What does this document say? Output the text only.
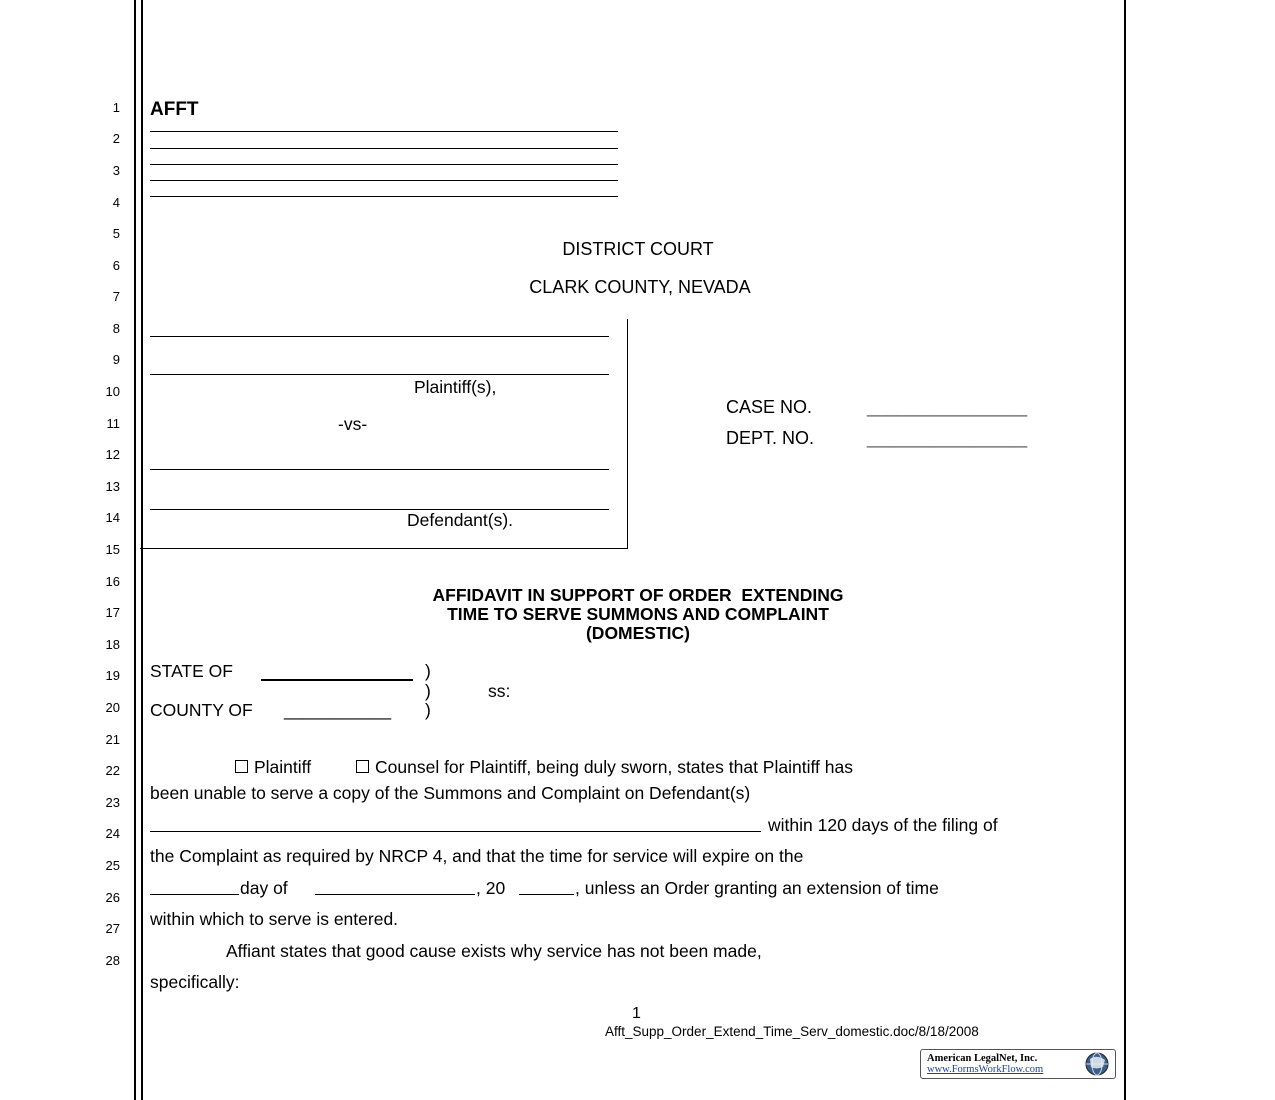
1
2
3
4
5
6
7
8
9
10
11
12
13
14
15
16
17
18
19
20
21
22
23
24
25
26
27
28
AFFT
DISTRICT COURT
CLARK COUNTY, NEVADA
Plaintiff(s),
-vs-
Defendant(s).
CASE NO.	________________
DEPT. NO.	________________
AFFIDAVIT IN SUPPORT OF ORDER  EXTENDING
TIME TO SERVE SUMMONS AND COMPLAINT
(DOMESTIC)
STATE OF	)
)	ss:
COUNTY OF ___________ )
Plaintiff	Counsel for Plaintiff, being duly sworn, states that Plaintiff has
been unable to serve a copy of the Summons and Complaint on Defendant(s)
within 120 days of the filing of
the Complaint as required by NRCP 4, and that the time for service will expire on the
day of	, 20	, unless an Order granting an extension of time
within which to serve is entered.
Affiant states that good cause exists why service has not been made,
specifically:
1
Afft_Supp_Order_Extend_Time_Serv_domestic.doc/8/18/2008
American LegalNet, Inc.
www.FormsWorkFlow.com
